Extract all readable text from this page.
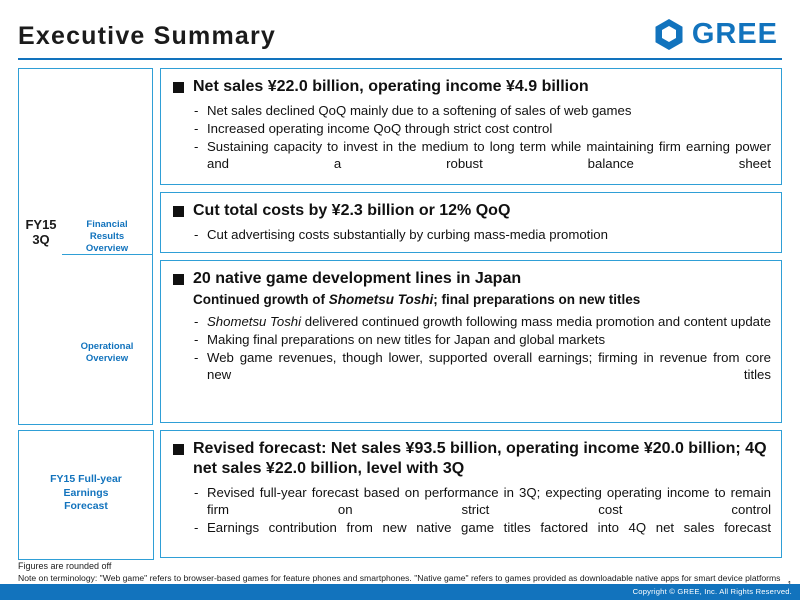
Executive Summary	GREE
FY15
3Q
Financial
Results
Overview
Operational
Overview
Net sales ¥22.0 billion, operating income ¥4.9 billion
- Net sales declined QoQ mainly due to a softening of sales of web games
- Increased operating income QoQ through strict cost control
- Sustaining capacity to invest in the medium to long term while maintaining firm earning power and a robust balance sheet
Cut total costs by ¥2.3 billion or 12% QoQ
- Cut advertising costs substantially by curbing mass-media promotion
20 native game development lines in Japan
Continued growth of Shometsu Toshi; final preparations on new titles
- Shometsu Toshi delivered continued growth following mass media promotion and content update
- Making final preparations on new titles for Japan and global markets
- Web game revenues, though lower, supported overall earnings; firming in revenue from core new titles
FY15 Full-year
Earnings
Forecast
Revised forecast: Net sales ¥93.5 billion, operating income ¥20.0 billion; 4Q net sales ¥22.0 billion, level with 3Q
- Revised full-year forecast based on performance in 3Q; expecting operating income to remain firm on strict cost control
- Earnings contribution from new native game titles factored into 4Q net sales forecast
Figures are rounded off
Note on terminology: "Web game" refers to browser-based games for feature phones and smartphones. "Native game" refers to games provided as downloadable native apps for smart device platforms
Copyright © GREE, Inc. All Rights Reserved.
